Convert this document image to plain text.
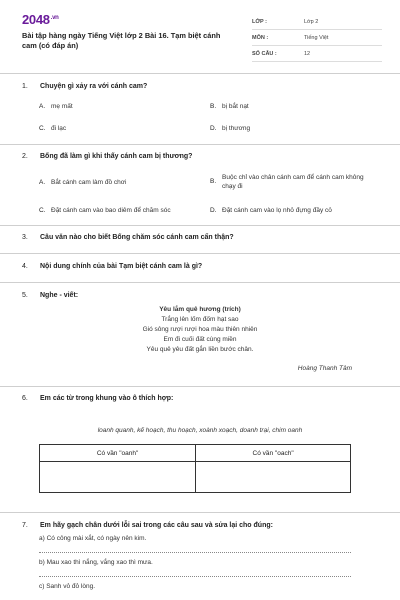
$2048^{.vn}$
Bài tập hàng ngày Tiếng Việt lớp 2 Bài 16. Tạm biệt cánh cam (có đáp án)
LỚP :	Lớp 2
MÔN :	Tiếng Việt
SỐ CÂU :	12
1.	Chuyện gì xảy ra với cánh cam?
A. mẹ mất	B. bị bắt nạt
C. đi lạc	D. bị thương
2.	Bống đã làm gì khi thấy cánh cam bị thương?
A. Bắt cánh cam làm đồ chơi	B.
Buộc chỉ vào chân cánh cam để cánh cam không chạy đi
C. Đặt cánh cam vào bao diêm để chăm sóc	D. Đặt cánh cam vào lọ nhỏ đựng đầy cỏ
3.	Câu văn nào cho biết Bống chăm sóc cánh cam cẩn thận?
4.	Nội dung chính của bài Tạm biệt cánh cam là gì?
5.	Nghe - viết:
Yêu lắm quê hương (trích)
Trắng lên lốm đốm hạt sao
Gió sông rượi rượi hoa màu thiên nhiên
Em đi cuối đất cùng miền
Yêu quê yêu đất gắn liền bước chân.
Hoàng Thanh Tâm
6.	Em các từ trong khung vào ô thích hợp:
loanh quanh, kế hoạch, thu hoạch, xoành xoạch, doanh trại, chim oanh
Có vần "oanh"	Có vần "oach"

7.	Em hãy gạch chân dưới lỗi sai trong các câu sau và sửa lại cho đúng:
a) Có công mài xắt, có ngày nên kim.
b) Mau xao thì nắng, vắng xao thì mưa.
c) Sanh vỏ đỏ lòng.
